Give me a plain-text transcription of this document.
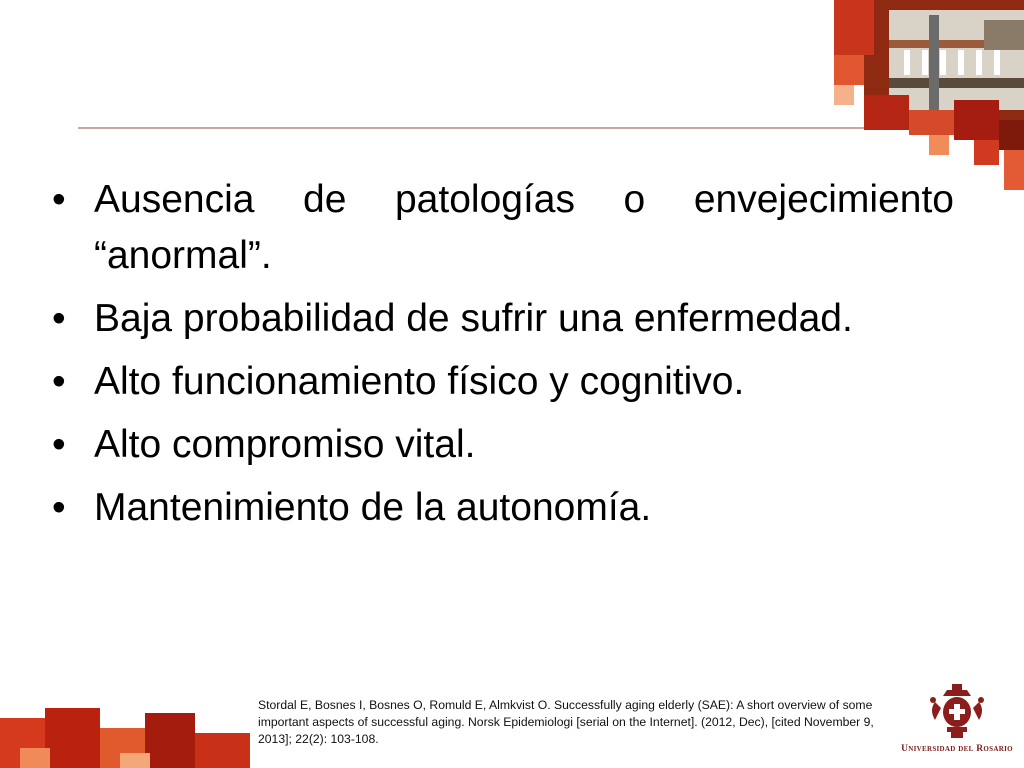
• Ausencia de patologías o envejecimiento “anormal”.
• Baja probabilidad de sufrir una enfermedad.
• Alto funcionamiento físico y cognitivo.
• Alto compromiso vital.
• Mantenimiento de la autonomía.
Stordal E, Bosnes I, Bosnes O, Romuld E, Almkvist O. Successfully aging elderly (SAE): A short overview of some important aspects of successful aging. Norsk Epidemiologi [serial on the Internet]. (2012, Dec), [cited November 9, 2013]; 22(2): 103-108.
Universidad del Rosario
